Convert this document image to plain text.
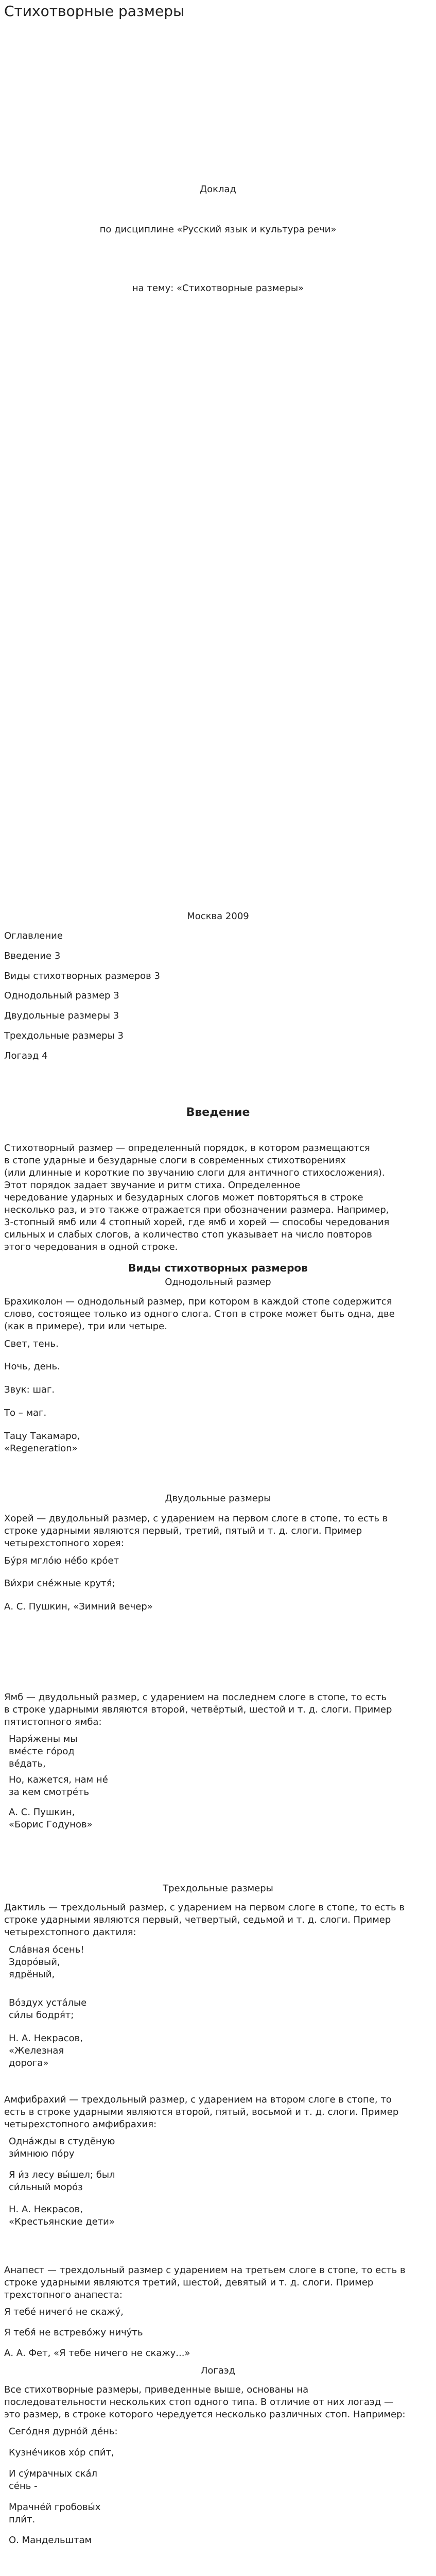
Стихотворные размеры
Доклад
по дисциплине «Русский язык и культура речи»
на тему: «Стихотворные размеры»
Москва 2009
Оглавление
Введение 3
Виды стихотворных размеров 3
Однодольный размер 3
Двудольные размеры 3
Трехдольные размеры 3
Логаэд 4
Введение
Стихотворный размер — определенный порядок, в котором размещаются
в стопе ударные и безударные слоги в современных стихотворениях
(или длинные и короткие по звучанию слоги для античного стихосложения).
Этот порядок задает звучание и ритм стиха. Определенное
чередование ударных и безударных слогов может повторяться в строке
несколько раз, и это также отражается при обозначении размера. Например,
3-стопный ямб или 4 стопный хорей, где ямб и хорей — способы чередования
сильных и слабых слогов, а количество стоп указывает на число повторов
этого чередования в одной строке.
Виды стихотворных размеров
Однодольный размер
Брахиколон — однодольный размер, при котором в каждой стопе содержится
слово, состоящее только из одного слога. Стоп в строке может быть одна, две
(как в примере), три или четыре.
Свет, тень.
Ночь, день.
Звук: шаг.
То – маг.
Тацу Такамаро,
«Regeneration»
Двудольные размеры
Хорей — двудольный размер, с ударением на первом слоге в стопе, то есть в
строке ударными являются первый, третий, пятый и т. д. слоги. Пример
четырехстопного хорея:
Бу́ря мглóю нéбо крóет
Ви́хри снéжные крутя́;
А. С. Пушкин, «Зимний вечер»
Ямб — двудольный размер, с ударением на последнем слоге в стопе, то есть
в строке ударными являются второй, четвёртый, шестой и т. д. слоги. Пример
пятистопного ямба:
Наря́жены мы
вмéсте гóрод
вéдать,
Но, кажется, нам нé
за кем смотрéть
А. С. Пушкин,
«Борис Годунов»
Трехдольные размеры
Дактиль — трехдольный размер, с ударением на первом слоге в стопе, то есть в
строке ударными являются первый, четвертый, седьмой и т. д. слоги. Пример
четырехстопного дактиля:
Сла́вная óсень!
Здорóвый,
ядрёный,
Вóздух устáлые
си́лы бодря́т;
Н. А. Некрасов,
«Железная
дорога»
Амфибрахий — трехдольный размер, с ударением на втором слоге в стопе, то
есть в строке ударными являются второй, пятый, восьмой и т. д. слоги. Пример
четырехстопного амфибрахия:
Однáжды в студёную
зи́мнюю пóру
Я и́з лесу вы́шел; был
си́льный морóз
Н. А. Некрасов,
«Крестьянские дети»
Анапест — трехдольный размер с ударением на третьем слоге в стопе, то есть в
строке ударными являются третий, шестой, девятый и т. д. слоги. Пример
трехстопного анапеста:
Я тебé ничегó не скажу́,
Я тебя́ не встревóжу ничýть
А. А. Фет, «Я тебе ничего не скажу...»
Логаэд
Все стихотворные размеры, приведенные выше, основаны на
последовательности нескольких стоп одного типа. В отличие от них логаэд —
это размер, в строке которого чередуется несколько различных стоп. Например:
Сегóдня дурнóй дéнь:
Кузнéчиков хóр спи́т,
И сýмрачных скáл
сéнь -
Мрачнéй гробовы́х
пли́т.
О. Мандельштам
